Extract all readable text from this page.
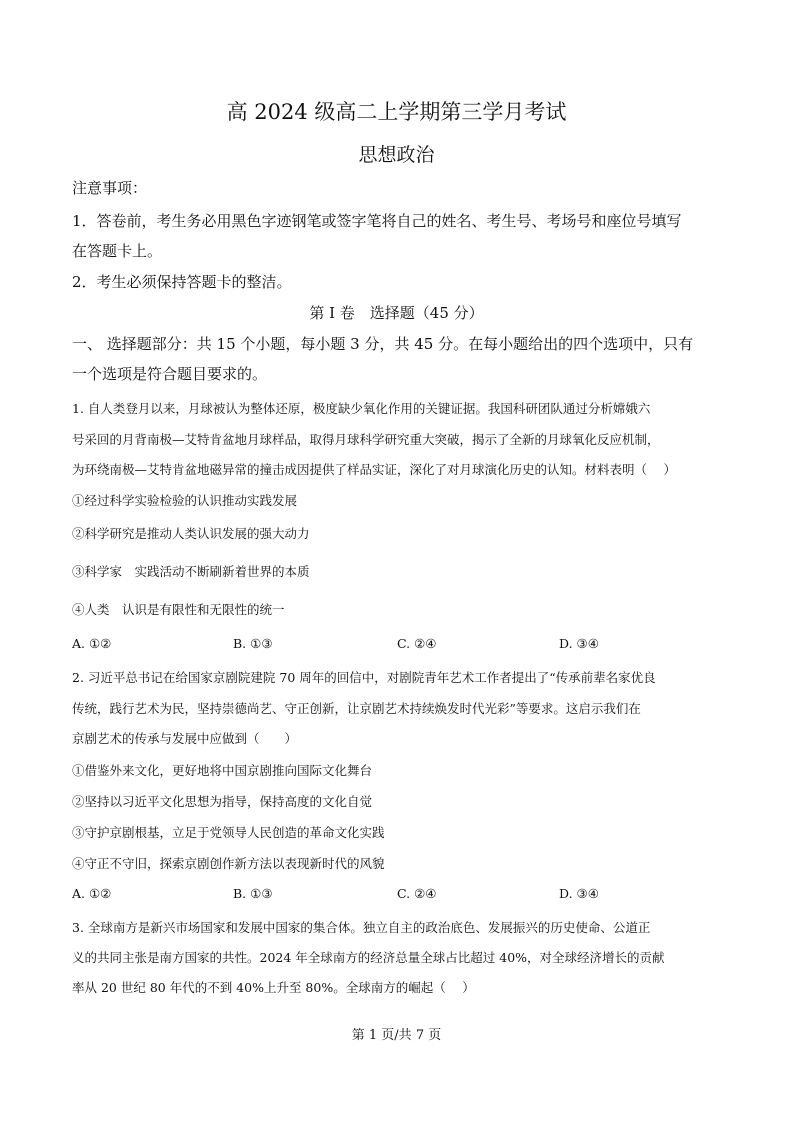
高 2024 级高二上学期第三学月考试
思想政治
注意事项：
1．答卷前，考生务必用黑色字迹钢笔或签字笔将自己的姓名、考生号、考场号和座位号填写
在答题卡上。
2．考生必须保持答题卡的整洁。
第 I 卷　选择题（45 分）
一、 选择题部分：共 15 个小题，每小题 3 分，共 45 分。在每小题给出的四个选项中，只有
一个选项是符合题目要求的。
1. 自人类登月以来，月球被认为整体还原，极度缺少氧化作用的关键证据。我国科研团队通过分析嫦娥六
号采回的月背南极—艾特肯盆地月球样品，取得月球科学研究重大突破，揭示了全新的月球氧化反应机制，
为环绕南极—艾特肯盆地磁异常的撞击成因提供了样品实证，深化了对月球演化历史的认知。材料表明（　 ）
①经过科学实验检验的认识推动实践发展
②科学研究是推动人类认识发展的强大动力
③科学家　实践活动不断刷新着世界的本质
④人类　认识是有限性和无限性的统一
A. ①②	B. ①③	C. ②④	D. ③④
2. 习近平总书记在给国家京剧院建院 70 周年的回信中，对剧院青年艺术工作者提出了“传承前辈名家优良
传统，践行艺术为民，坚持崇德尚艺、守正创新，让京剧艺术持续焕发时代光彩”等要求。这启示我们在
京剧艺术的传承与发展中应做到（　　）
①借鉴外来文化，更好地将中国京剧推向国际文化舞台
②坚持以习近平文化思想为指导，保持高度的文化自觉
③守护京剧根基，立足于党领导人民创造的革命文化实践
④守正不守旧，探索京剧创作新方法以表现新时代的风貌
A. ①②	B. ①③	C. ②④	D. ③④
3. 全球南方是新兴市场国家和发展中国家的集合体。独立自主的政治底色、发展振兴的历史使命、公道正
义的共同主张是南方国家的共性。2024 年全球南方的经济总量全球占比超过 40%，对全球经济增长的贡献
率从 20 世纪 80 年代的不到 40%上升至 80%。全球南方的崛起（　 ）
第 1 页/共 7 页
